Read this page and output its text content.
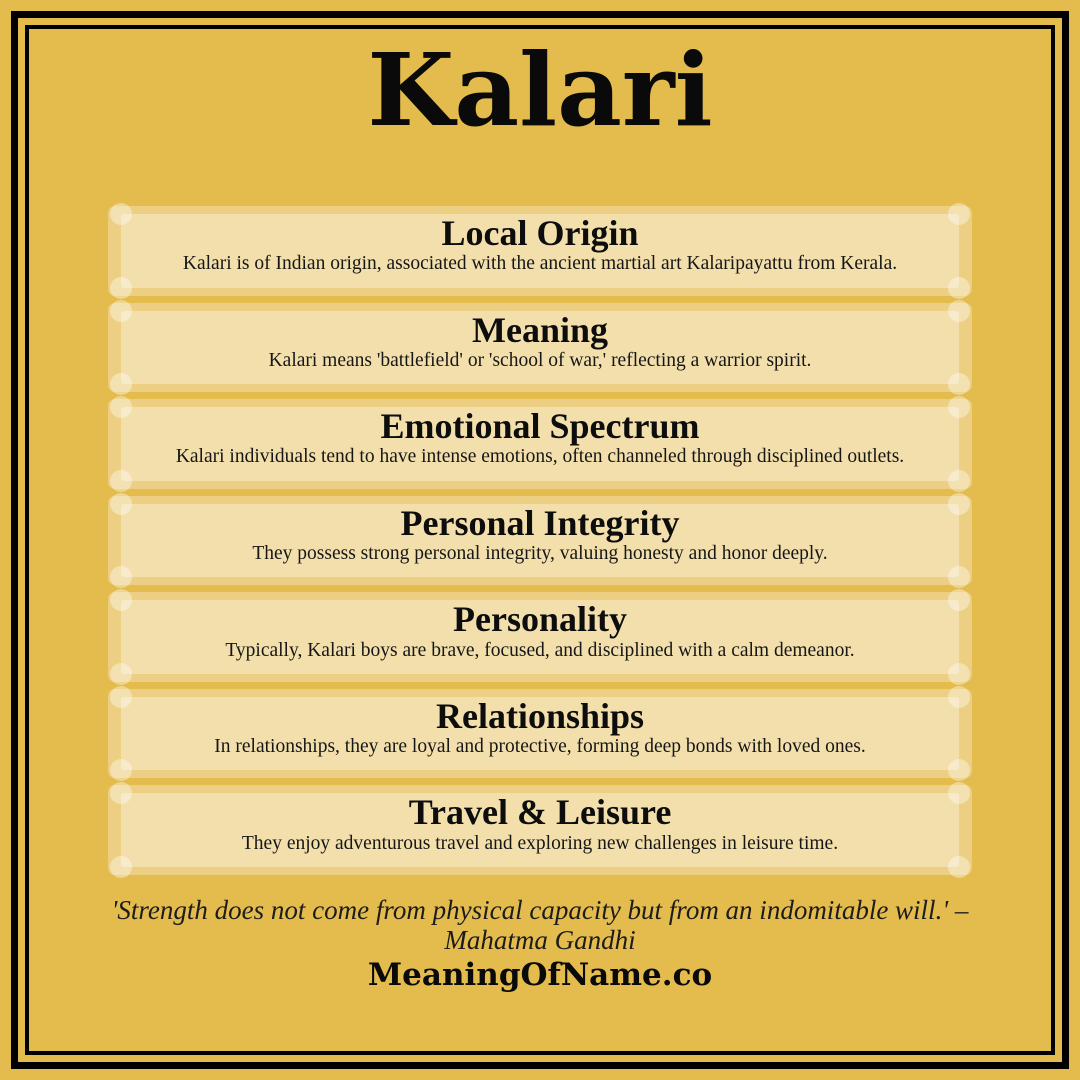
Kalari
Local Origin

Kalari is of Indian origin, associated with the ancient martial art Kalaripayattu from Kerala.

Meaning

Kalari means 'battlefield' or 'school of war,' reflecting a warrior spirit.

Emotional Spectrum

Kalari individuals tend to have intense emotions, often channeled through disciplined outlets.

Personal Integrity

They possess strong personal integrity, valuing honesty and honor deeply.

Personality

Typically, Kalari boys are brave, focused, and disciplined with a calm demeanor.

Relationships

In relationships, they are loyal and protective, forming deep bonds with loved ones.

Travel & Leisure

They enjoy adventurous travel and exploring new challenges in leisure time.

'Strength does not come from physical capacity but from an indomitable will.' – Mahatma Gandhi

MeaningOfName.co
